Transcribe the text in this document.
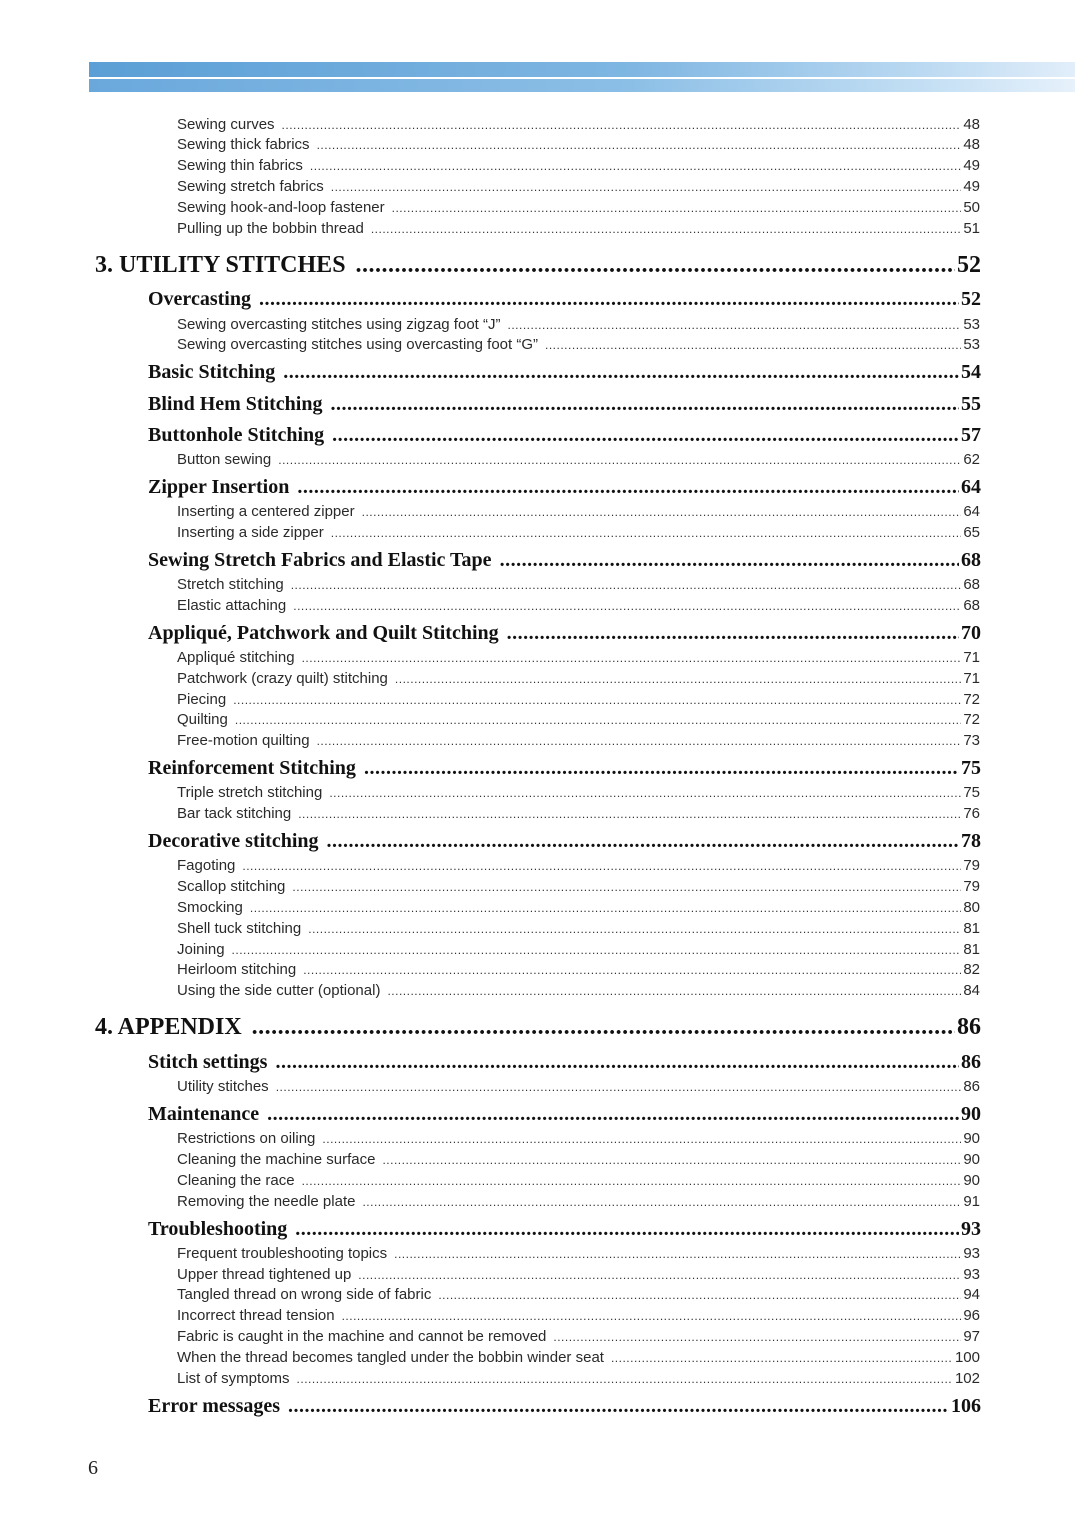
Sewing curves .....	48
Sewing thick fabrics .....	48
Sewing thin fabrics .....	49
Sewing stretch fabrics .....	49
Sewing hook-and-loop fastener .....	50
Pulling up the bobbin thread .....	51
3. UTILITY STITCHES .....	52
Overcasting .....	52
Sewing overcasting stitches using zigzag foot “J” .....	53
Sewing overcasting stitches using overcasting foot “G” .....	53
Basic Stitching .....	54
Blind Hem Stitching .....	55
Buttonhole Stitching .....	57
Button sewing .....	62
Zipper Insertion .....	64
Inserting a centered zipper .....	64
Inserting a side zipper .....	65
Sewing Stretch Fabrics and Elastic Tape .....	68
Stretch stitching .....	68
Elastic attaching .....	68
Appliqué, Patchwork and Quilt Stitching .....	70
Appliqué stitching .....	71
Patchwork (crazy quilt) stitching .....	71
Piecing .....	72
Quilting .....	72
Free-motion quilting .....	73
Reinforcement Stitching .....	75
Triple stretch stitching .....	75
Bar tack stitching .....	76
Decorative stitching .....	78
Fagoting .....	79
Scallop stitching .....	79
Smocking .....	80
Shell tuck stitching .....	81
Joining .....	81
Heirloom stitching .....	82
Using the side cutter (optional) .....	84
4. APPENDIX .....	86
Stitch settings .....	86
Utility stitches .....	86
Maintenance .....	90
Restrictions on oiling .....	90
Cleaning the machine surface .....	90
Cleaning the race .....	90
Removing the needle plate .....	91
Troubleshooting .....	93
Frequent troubleshooting topics .....	93
Upper thread tightened up .....	93
Tangled thread on wrong side of fabric .....	94
Incorrect thread tension .....	96
Fabric is caught in the machine and cannot be removed .....	97
When the thread becomes tangled under the bobbin winder seat .....	100
List of symptoms .....	102
Error messages .....	106
6
